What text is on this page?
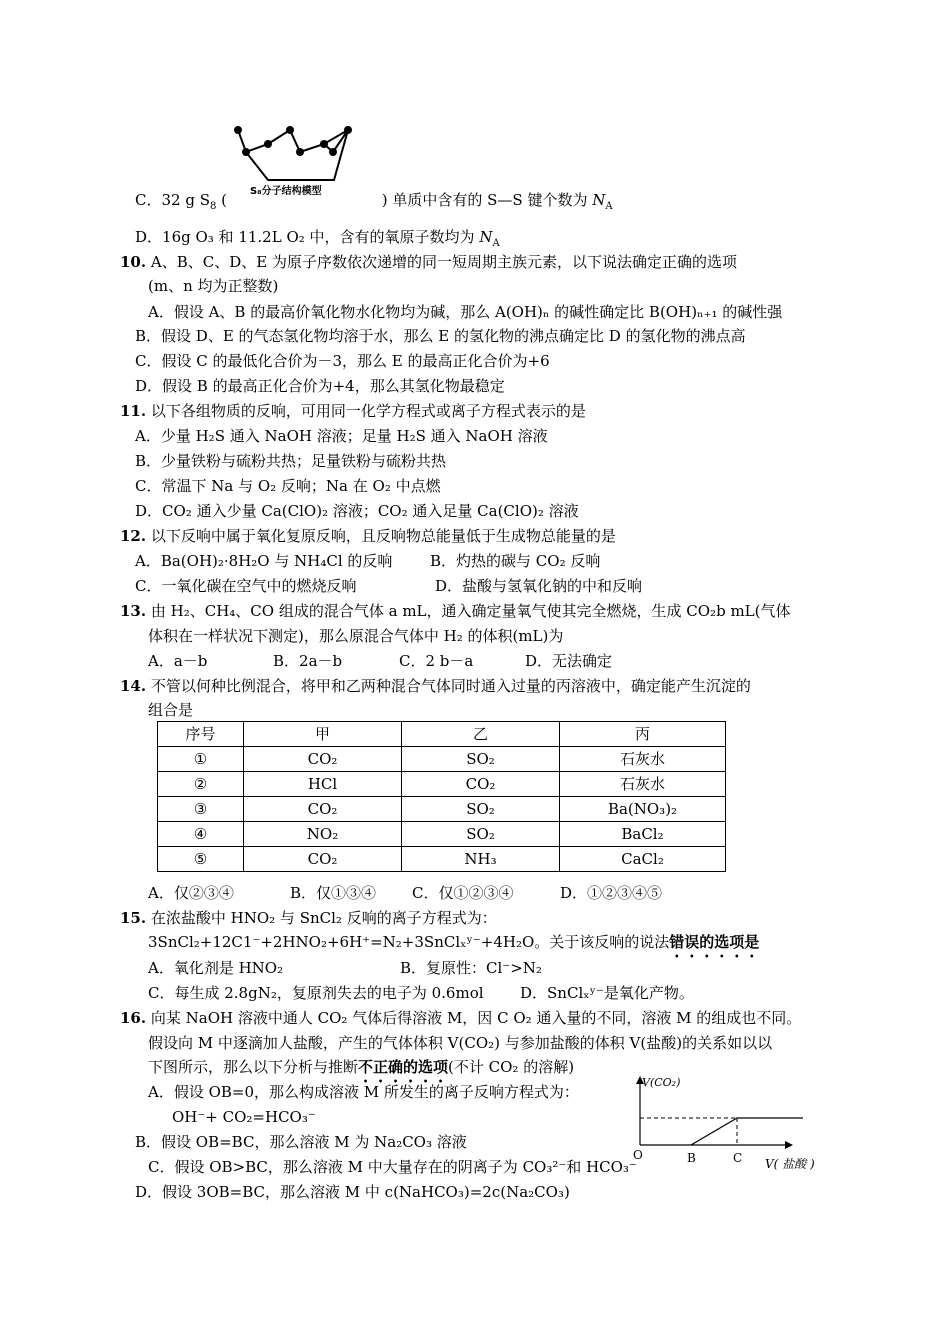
S₈分子结构模型
C．32 g $S_8$ (	) 单质中含有的 S—S 键个数为 $N_A$
D．16g O₃ 和 11.2L O₂ 中，含有的氧原子数均为 $N_A$
10. A、B、C、D、E 为原子序数依次递增的同一短周期主族元素，以下说法确定正确的选项
(m、n 均为正整数)
A．假设 A、B 的最高价氧化物水化物均为碱，那么 A(OH)ₙ 的碱性确定比 B(OH)ₙ₊₁ 的碱性强
B．假设 D、E 的气态氢化物均溶于水，那么 E 的氢化物的沸点确定比 D 的氢化物的沸点高
C．假设 C 的最低化合价为－3，那么 E 的最高正化合价为+6
D．假设 B 的最高正化合价为+4，那么其氢化物最稳定
11. 以下各组物质的反响，可用同一化学方程式或离子方程式表示的是
A．少量 H₂S 通入 NaOH 溶液；足量 H₂S 通入 NaOH 溶液
B．少量铁粉与硫粉共热；足量铁粉与硫粉共热
C．常温下 Na 与 O₂ 反响；Na 在 O₂ 中点燃
D．CO₂ 通入少量 Ca(ClO)₂ 溶液；CO₂ 通入足量 Ca(ClO)₂ 溶液
12. 以下反响中属于氧化复原反响，且反响物总能量低于生成物总能量的是
A．Ba(OH)₂·8H₂O 与 NH₄Cl 的反响	B．灼热的碳与 CO₂ 反响
C．一氧化碳在空气中的燃烧反响	D．盐酸与氢氧化钠的中和反响
13. 由 H₂、CH₄、CO 组成的混合气体 a mL，通入确定量氧气使其完全燃烧，生成 CO₂b mL(气体
体积在一样状况下测定)，那么原混合气体中 H₂ 的体积(mL)为
A．a－b	B．2a－b	C．2 b－a	D．无法确定
14. 不管以何种比例混合，将甲和乙两种混合气体同时通入过量的丙溶液中，确定能产生沉淀的
组合是
序号	甲	乙	丙
①	CO₂	SO₂	石灰水
②	HCl	CO₂	石灰水
③	CO₂	SO₂	Ba(NO₃)₂
④	NO₂	SO₂	BaCl₂
⑤	CO₂	NH₃	CaCl₂
A．仅②③④	B．仅①③④ C．仅①②③④	D．①②③④⑤
15. 在浓盐酸中 HNO₂ 与 SnCl₂ 反响的离子方程式为：
3SnCl₂+12C1⁻+2HNO₂+6H⁺=N₂+3SnClₓʸ⁻+4H₂O。关于该反响的说法错误的选项是
A．氧化剂是 HNO₂	B．复原性：Cl⁻>N₂
C．每生成 2.8gN₂，复原剂失去的电子为 0.6mol D．SnClₓʸ⁻是氧化产物。
16. 向某 NaOH 溶液中通人 CO₂ 气体后得溶液 M，因 C O₂ 通入量的不同，溶液 M 的组成也不同。
假设向 M 中逐滴加人盐酸，产生的气体体积 V(CO₂) 与参加盐酸的体积 V(盐酸)的关系如以以
下图所示，那么以下分析与推断不正确的选项(不计 CO₂ 的溶解)
A．假设 OB=0，那么构成溶液 M 所发生的离子反响方程式为：
OH⁻+ CO₂=HCO₃⁻
B．假设 OB=BC，那么溶液 M 为 Na₂CO₃ 溶液
C．假设 OB>BC，那么溶液 M 中大量存在的阴离子为 CO₃²⁻和 HCO₃⁻
D．假设 3OB=BC，那么溶液 M 中 c(NaHCO₃)=2c(Na₂CO₃)
V(CO₂)
O	B	C V( 盐酸 )
